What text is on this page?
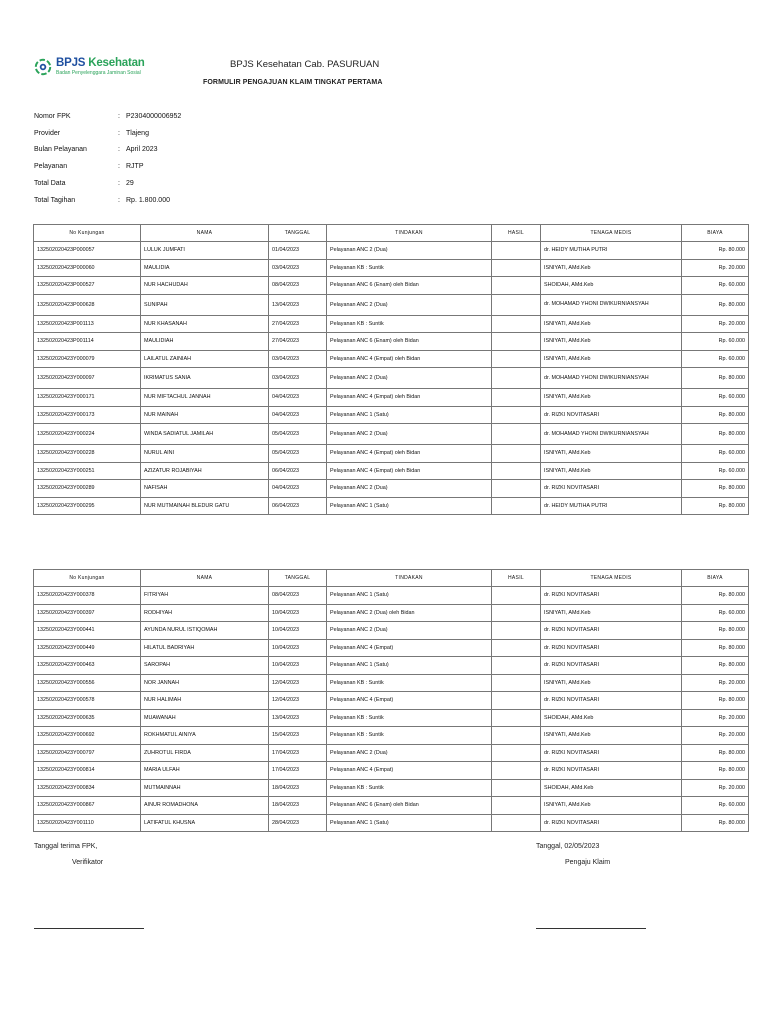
BPJS Kesehatan
Badan Penyelenggara Jaminan Sosial
BPJS Kesehatan Cab. PASURUAN
FORMULIR PENGAJUAN KLAIM TINGKAT PERTAMA
Nomor FPK	: P2304000006952
Provider	: Tlajeng
Bulan Pelayanan	: April 2023
Pelayanan	: RJTP
Total Data	: 29
Total Tagihan	: Rp. 1.800.000
No Kunjungan	NAMA	TANGGAL	TINDAKAN	HASIL	TENAGA MEDIS	BIAYA
132502020423P000057	LULUK JUMFATI	01/04/2023	Pelayanan ANC 2 (Dua)		dr. HEIDY MUTIHA PUTRI	Rp. 80.000
132502020423P000060	MAULIDIA	03/04/2023	Pelayanan KB : Suntik		ISNIYATI, AMd.Keb	Rp. 20.000
132502020423P000527	NUR HACHUDAH	08/04/2023	Pelayanan ANC 6 (Enam) oleh Bidan		SHOIDAH, AMd.Keb	Rp. 60.000
132502020423P000628	SUNIPAH	13/04/2023	Pelayanan ANC 2 (Dua)		dr. MOHAMAD YHONI DWIKURNIANSYAH	Rp. 80.000
132502020423P001113	NUR KHASANAH	27/04/2023	Pelayanan KB : Suntik		ISNIYATI, AMd.Keb	Rp. 20.000
132502020423P001114	MAULIDIAH	27/04/2023	Pelayanan ANC 6 (Enam) oleh Bidan		ISNIYATI, AMd.Keb	Rp. 60.000
132502020423Y000079	LAILATUL ZAINIAH	03/04/2023	Pelayanan ANC 4 (Empat) oleh Bidan		ISNIYATI, AMd.Keb	Rp. 60.000
132502020423Y000097	IKRIMATUS SANIA	03/04/2023	Pelayanan ANC 2 (Dua)		dr. MOHAMAD YHONI DWIKURNIANSYAH	Rp. 80.000
132502020423Y000171	NUR MIFTACHUL JANNAH	04/04/2023	Pelayanan ANC 4 (Empat) oleh Bidan		ISNIYATI, AMd.Keb	Rp. 60.000
132502020423Y000173	NUR MAINAH	04/04/2023	Pelayanan ANC 1 (Satu)		dr. RIZKI NOVITASARI	Rp. 80.000
132502020423Y000224	WINDA SADIATUL JAMILAH	05/04/2023	Pelayanan ANC 2 (Dua)		dr. MOHAMAD YHONI DWIKURNIANSYAH	Rp. 80.000
132502020423Y000228	NURUL AINI	05/04/2023	Pelayanan ANC 4 (Empat) oleh Bidan		ISNIYATI, AMd.Keb	Rp. 60.000
132502020423Y000251	AZIZATUR ROJABIYAH	06/04/2023	Pelayanan ANC 4 (Empat) oleh Bidan		ISNIYATI, AMd.Keb	Rp. 60.000
132502020423Y000289	NAFISAH	04/04/2023	Pelayanan ANC 2 (Dua)		dr. RIZKI NOVITASARI	Rp. 80.000
132502020423Y000295	NUR MUTMAINAH BLEDUR GATU	06/04/2023	Pelayanan ANC 1 (Satu)		dr. HEIDY MUTIHA PUTRI	Rp. 80.000
No Kunjungan	NAMA	TANGGAL	TINDAKAN	HASIL	TENAGA MEDIS	BIAYA
132502020423Y000378	FITRIYAH	08/04/2023	Pelayanan ANC 1 (Satu)		dr. RIZKI NOVITASARI	Rp. 80.000
132502020423Y000397	RODHIYAH	10/04/2023	Pelayanan ANC 2 (Dua) oleh Bidan		ISNIYATI, AMd.Keb	Rp. 60.000
132502020423Y000441	AYUNDA NURUL ISTIQOMAH	10/04/2023	Pelayanan ANC 2 (Dua)		dr. RIZKI NOVITASARI	Rp. 80.000
132502020423Y000449	HILATUL BADRIYAH	10/04/2023	Pelayanan ANC 4 (Empat)		dr. RIZKI NOVITASARI	Rp. 80.000
132502020423Y000463	SAROPAH	10/04/2023	Pelayanan ANC 1 (Satu)		dr. RIZKI NOVITASARI	Rp. 80.000
132502020423Y000556	NOR JANNAH	12/04/2023	Pelayanan KB : Suntik		ISNIYATI, AMd.Keb	Rp. 20.000
132502020423Y000578	NUR HALIMAH	12/04/2023	Pelayanan ANC 4 (Empat)		dr. RIZKI NOVITASARI	Rp. 80.000
132502020423Y000635	MUAWANAH	13/04/2023	Pelayanan KB : Suntik		SHOIDAH, AMd.Keb	Rp. 20.000
132502020423Y000692	ROKHMATUL AINIYA	15/04/2023	Pelayanan KB : Suntik		ISNIYATI, AMd.Keb	Rp. 20.000
132502020423Y000797	ZUHROTUL FIRDA	17/04/2023	Pelayanan ANC 2 (Dua)		dr. RIZKI NOVITASARI	Rp. 80.000
132502020423Y000814	MARIA ULFAH	17/04/2023	Pelayanan ANC 4 (Empat)		dr. RIZKI NOVITASARI	Rp. 80.000
132502020423Y000834	MUTMAINNAH	18/04/2023	Pelayanan KB : Suntik		SHOIDAH, AMd.Keb	Rp. 20.000
132502020423Y000867	AINUR ROMADHONA	18/04/2023	Pelayanan ANC 6 (Enam) oleh Bidan		ISNIYATI, AMd.Keb	Rp. 60.000
132502020423Y001110	LATIFATUL KHUSNA	28/04/2023	Pelayanan ANC 1 (Satu)		dr. RIZKI NOVITASARI	Rp. 80.000
Tanggal terima FPK,
Verifikator
Tanggal, 02/05/2023
Pengaju Klaim
